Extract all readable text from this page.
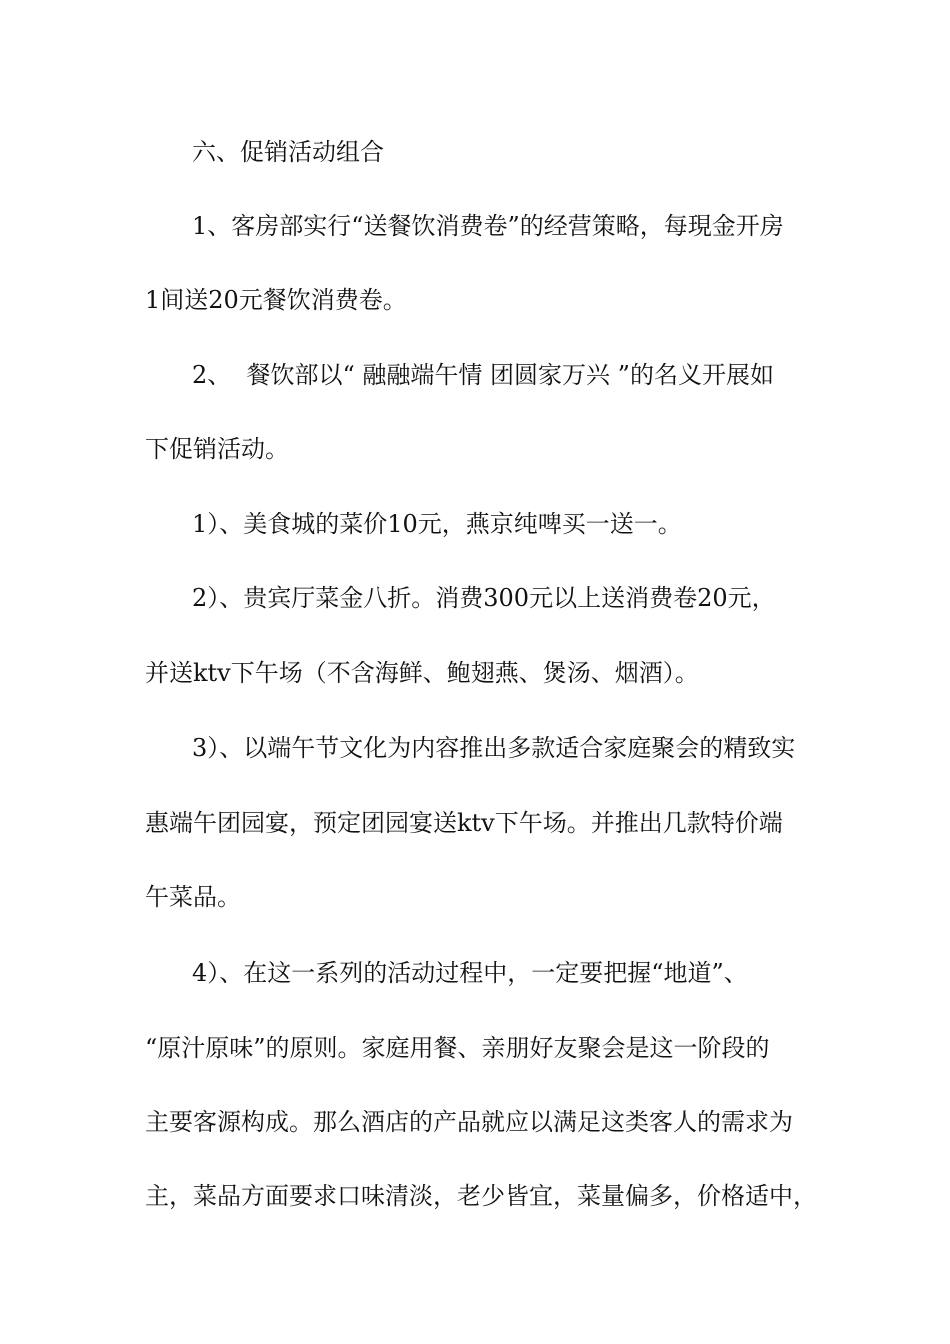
六、促销活动组合
1、客房部实行“送餐饮消费卷”的经营策略，每現金开房
1间送20元餐饮消费卷。
2、  餐饮部以“ 融融端午情 团圆家万兴 ”的名义开展如
下促销活动。
1）、美食城的菜价10元，燕京纯啤买一送一。
2）、贵宾厅菜金八折。消费300元以上送消费卷20元，
并送ktv下午场（不含海鲜、鲍翅燕、煲汤、烟酒）。
3）、以端午节文化为内容推出多款适合家庭聚会的精致实
惠端午团园宴，预定团园宴送ktv下午场。并推出几款特价端
午菜品。
4）、在这一系列的活动过程中，一定要把握“地道”、
“原汁原味”的原则。家庭用餐、亲朋好友聚会是这一阶段的
主要客源构成。那么酒店的产品就应以满足这类客人的需求为
主，菜品方面要求口味清淡，老少皆宜，菜量偏多，价格适中，
